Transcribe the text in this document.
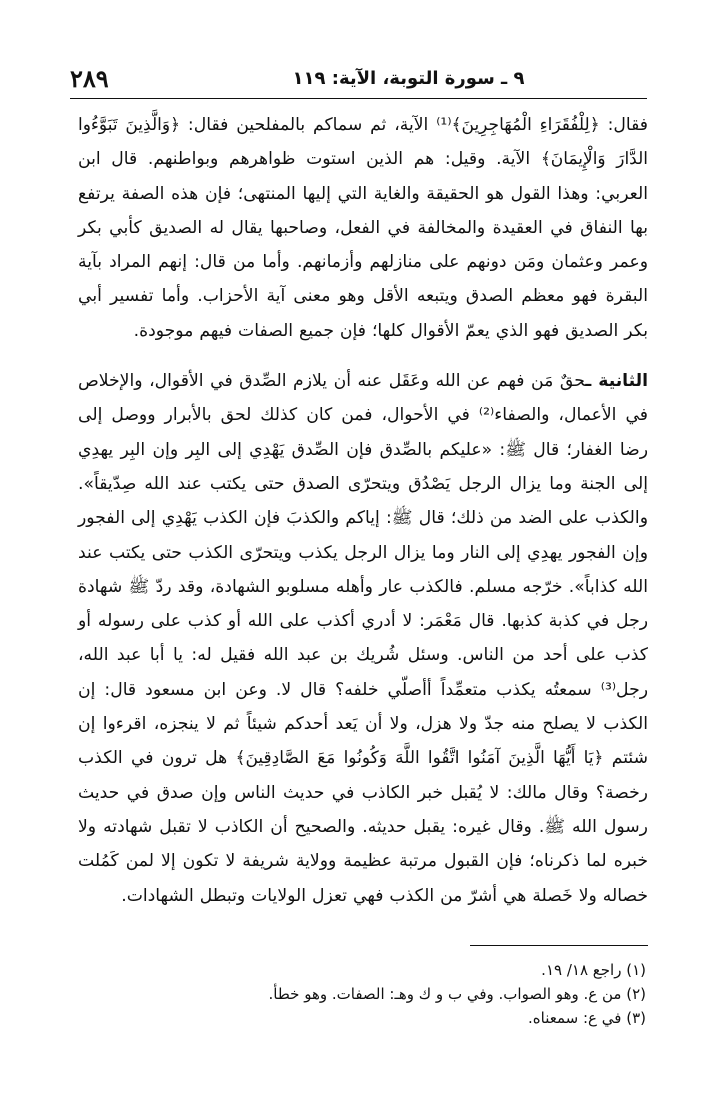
٢٨٩	٩ ـ سورة التوبة، الآية: ١١٩

فقال: ﴿لِلْفُقَرَاءِ الْمُهَاجِرِينَ﴾⁽¹⁾ الآية، ثم سماكم بالمفلحين فقال: ﴿وَالَّذِينَ تَبَوَّءُوا الدَّارَ وَالْإِيمَانَ﴾ الآية. وقيل: هم الذين استوت ظواهرهم وبواطنهم. قال ابن العربي: وهذا القول هو الحقيقة والغاية التي إليها المنتهى؛ فإن هذه الصفة يرتفع بها النفاق في العقيدة والمخالفة في الفعل، وصاحبها يقال له الصديق كأبي بكر وعمر وعثمان ومَن دونهم على منازلهم وأزمانهم. وأما من قال: إنهم المراد بآية البقرة فهو معظم الصدق ويتبعه الأقل وهو معنى آية الأحزاب. وأما تفسير أبي بكر الصديق فهو الذي يعمّ الأقوال كلها؛ فإن جميع الصفات فيهم موجودة.

الثانية ـحقٌ مَن فهم عن الله وعَقَل عنه أن يلازم الصِّدق في الأقوال، والإخلاص في الأعمال، والصفاء⁽²⁾ في الأحوال، فمن كان كذلك لحق بالأبرار ووصل إلى رضا الغفار؛ قال ﷺ: «عليكم بالصِّدق فإن الصِّدق يَهْدِي إلى البِر وإن البِر يهدِي إلى الجنة وما يزال الرجل يَصْدُق ويتحرّى الصدق حتى يكتب عند الله صِدّيقاً». والكذب على الضد من ذلك؛ قال ﷺ: إياكم والكذبَ فإن الكذب يَهْدِي إلى الفجور وإن الفجور يهدِي إلى النار وما يزال الرجل يكذب ويتحرّى الكذب حتى يكتب عند الله كذاباً». خرّجه مسلم. فالكذب عار وأهله مسلوبو الشهادة، وقد ردّ ﷺ شهادة رجل في كذبة كذبها. قال مَعْمَر: لا أدري أكذب على الله أو كذب على رسوله أو كذب على أحد من الناس. وسئل شُريك بن عبد الله فقيل له: يا أبا عبد الله، رجل⁽³⁾ سمعتُه يكذب متعمِّداً أأصلّي خلفه؟ قال لا. وعن ابن مسعود قال: إن الكذب لا يصلح منه جدّ ولا هزل، ولا أن يَعد أحدكم شيئاً ثم لا ينجزه، اقرءوا إن شئتم ﴿يَا أَيُّهَا الَّذِينَ آمَنُوا اتَّقُوا اللَّهَ وَكُونُوا مَعَ الصَّادِقِينَ﴾ هل ترون في الكذب رخصة؟ وقال مالك: لا يُقبل خبر الكاذب في حديث الناس وإن صدق في حديث رسول الله ﷺ. وقال غيره: يقبل حديثه. والصحيح أن الكاذب لا تقبل شهادته ولا خبره لما ذكرناه؛ فإن القبول مرتبة عظيمة وولاية شريفة لا تكون إلا لمن كَمُلت خصاله ولا خَصلة هي أشرّ من الكذب فهي تعزل الولايات وتبطل الشهادات.

(١) راجع ١٨/ ١٩.
(٢) من ع. وهو الصواب. وفي ب و ك وهـ: الصفات. وهو خطأ.
(٣) في ع: سمعناه.
